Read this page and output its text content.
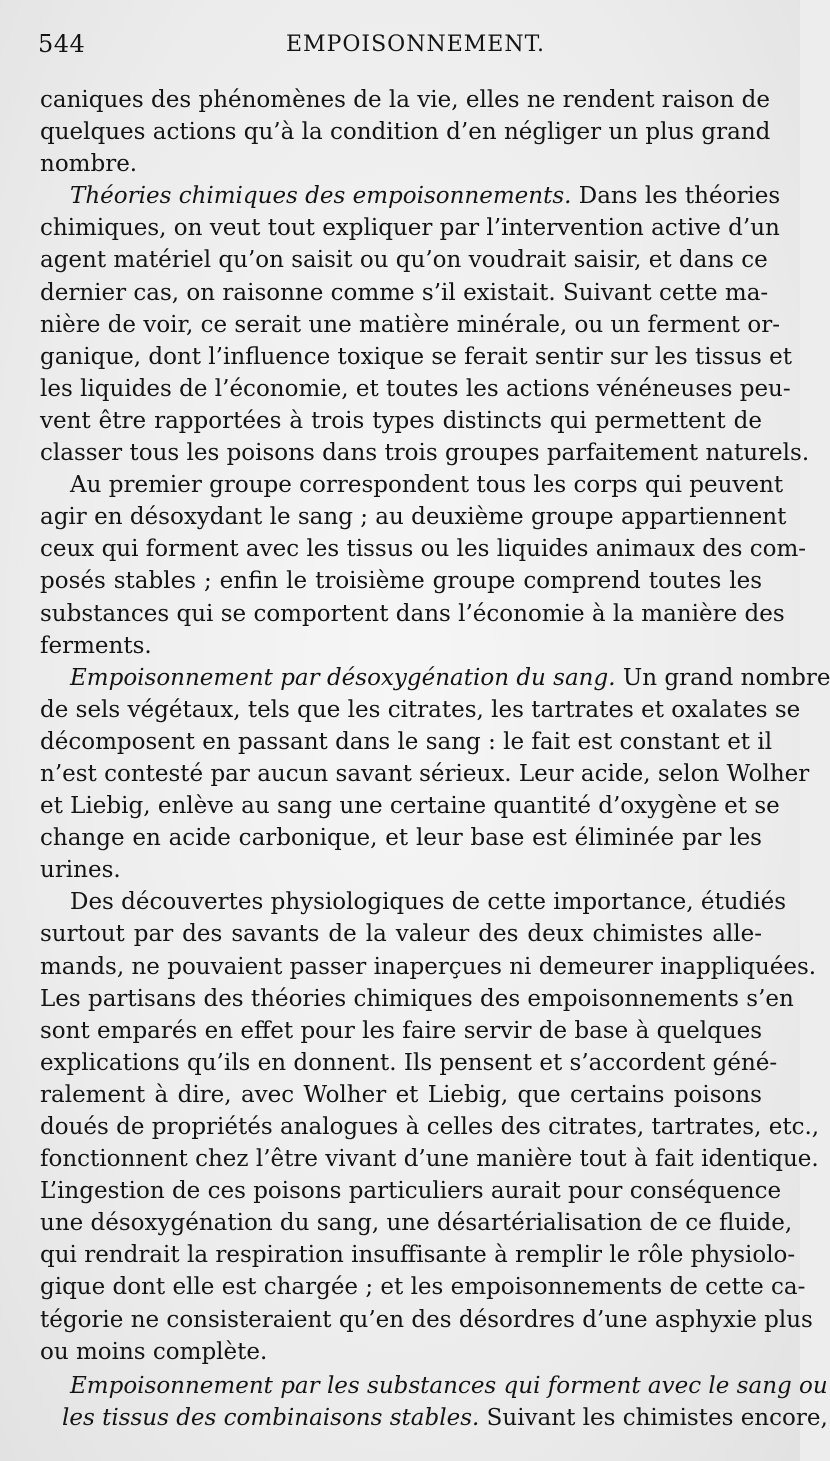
544	EMPOISONNEMENT.
caniques des phénomènes de la vie, elles ne rendent raison de
quelques actions qu’à la condition d’en négliger un plus grand
nombre.
Théories chimiques des empoisonnements. Dans les théories
chimiques, on veut tout expliquer par l’intervention active d’un
agent matériel qu’on saisit ou qu’on voudrait saisir, et dans ce
dernier cas, on raisonne comme s’il existait. Suivant cette ma-
nière de voir, ce serait une matière minérale, ou un ferment or-
ganique, dont l’influence toxique se ferait sentir sur les tissus et
les liquides de l’économie, et toutes les actions vénéneuses peu-
vent être rapportées à trois types distincts qui permettent de
classer tous les poisons dans trois groupes parfaitement naturels.
Au premier groupe correspondent tous les corps qui peuvent
agir en désoxydant le sang ; au deuxième groupe appartiennent
ceux qui forment avec les tissus ou les liquides animaux des com-
posés stables ; enfin le troisième groupe comprend toutes les
substances qui se comportent dans l’économie à la manière des
ferments.
Empoisonnement par désoxygénation du sang. Un grand nombre
de sels végétaux, tels que les citrates, les tartrates et oxalates se
décomposent en passant dans le sang : le fait est constant et il
n’est contesté par aucun savant sérieux. Leur acide, selon Wolher
et Liebig, enlève au sang une certaine quantité d’oxygène et se
change en acide carbonique, et leur base est éliminée par les
urines.
Des découvertes physiologiques de cette importance, étudiés
surtout par des savants de la valeur des deux chimistes alle-
mands, ne pouvaient passer inaperçues ni demeurer inappliquées.
Les partisans des théories chimiques des empoisonnements s’en
sont emparés en effet pour les faire servir de base à quelques
explications qu’ils en donnent. Ils pensent et s’accordent géné-
ralement à dire, avec Wolher et Liebig, que certains poisons
doués de propriétés analogues à celles des citrates, tartrates, etc.,
fonctionnent chez l’être vivant d’une manière tout à fait identique.
L’ingestion de ces poisons particuliers aurait pour conséquence
une désoxygénation du sang, une désartérialisation de ce fluide,
qui rendrait la respiration insuffisante à remplir le rôle physiolo-
gique dont elle est chargée ; et les empoisonnements de cette ca-
tégorie ne consisteraient qu’en des désordres d’une asphyxie plus
ou moins complète.
Empoisonnement par les substances qui forment avec le sang ou
les tissus des combinaisons stables. Suivant les chimistes encore,
